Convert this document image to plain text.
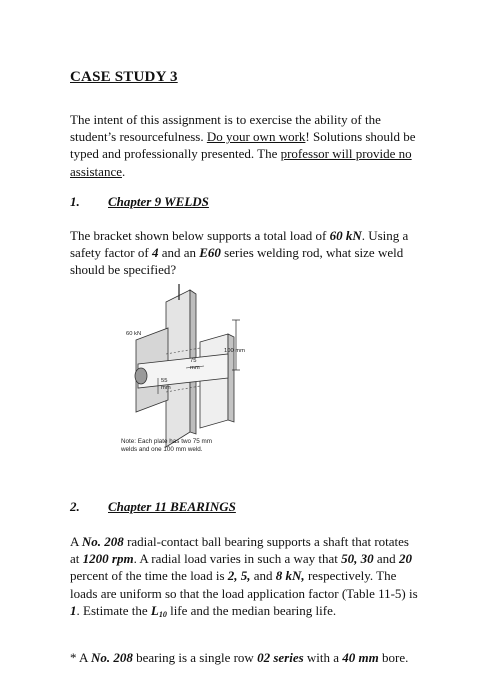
CASE STUDY 3
The intent of this assignment is to exercise the ability of the student’s resourcefulness. Do your own work! Solutions should be typed and professionally presented. The professor will provide no assistance.
1. Chapter 9 WELDS
The bracket shown below supports a total load of 60 kN. Using a safety factor of 4 and an E60 series welding rod, what size weld should be specified?
60 kN
100 mm
75
mm
55
mm
Note: Each plate has two 75 mm
welds and one 100 mm weld.
2. Chapter 11 BEARINGS
A No. 208 radial-contact ball bearing supports a shaft that rotates at 1200 rpm. A radial load varies in such a way that 50, 30 and 20 percent of the time the load is 2, 5, and 8 kN, respectively. The loads are uniform so that the load application factor (Table 11-5) is 1. Estimate the $L_{10}$ life and the median bearing life.
* A No. 208 bearing is a single row 02 series with a 40 mm bore.
